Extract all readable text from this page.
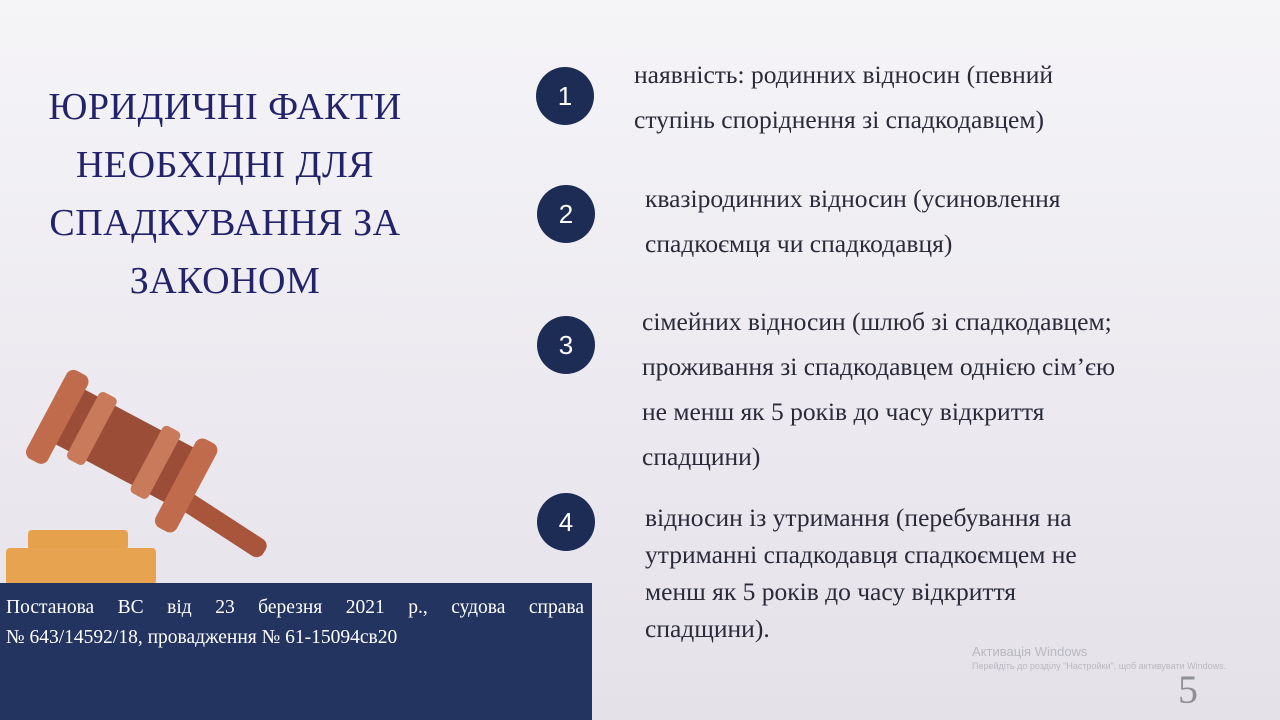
ЮРИДИЧНІ ФАКТИ
НЕОБХІДНІ ДЛЯ
СПАДКУВАННЯ ЗА
ЗАКОНОМ
Постанова ВС від 23 березня 2021 р., судова справа
№ 643/14592/18, провадження № 61-15094св20
1
наявність: родинних відносин (певний
ступінь споріднення зі спадкодавцем)
2	квазіродинних відносин (усиновлення
спадкоємця чи спадкодавця)
3
сімейних відносин (шлюб зі спадкодавцем;
проживання зі спадкодавцем однією сім’єю
не менш як 5 років до часу відкриття
спадщини)
4	відносин із утримання (перебування на
утриманні спадкодавця спадкоємцем не
менш як 5 років до часу відкриття
спадщини).
Активація Windows
Перейдіть до розділу "Настройки", щоб активувати Windows.
5
